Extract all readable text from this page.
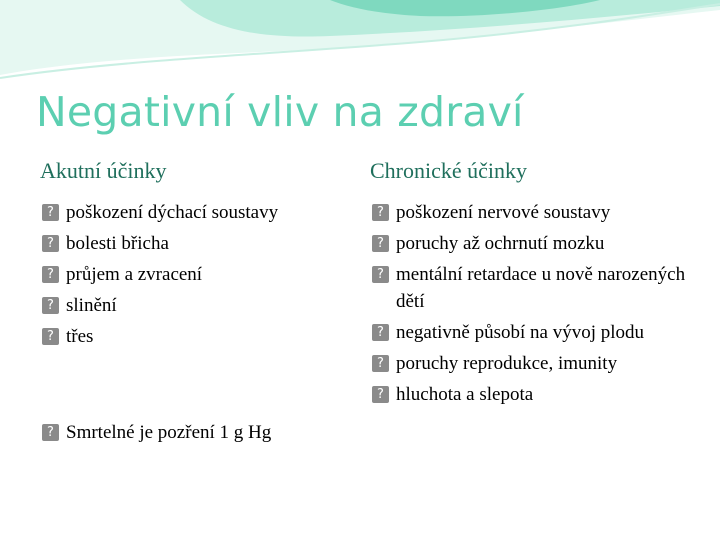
Negativní vliv na zdraví
Akutní účinky	Chronické účinky
? poškození dýchací soustavy
? bolesti břicha
? průjem a zvracení
? slinění
? třes
? Smrtelné je pozření 1 g Hg
? poškození nervové soustavy
? poruchy až ochrnutí mozku
? mentální retardace u nově narozených dětí
? negativně působí na vývoj plodu
? poruchy reprodukce, imunity
? hluchota a slepota
